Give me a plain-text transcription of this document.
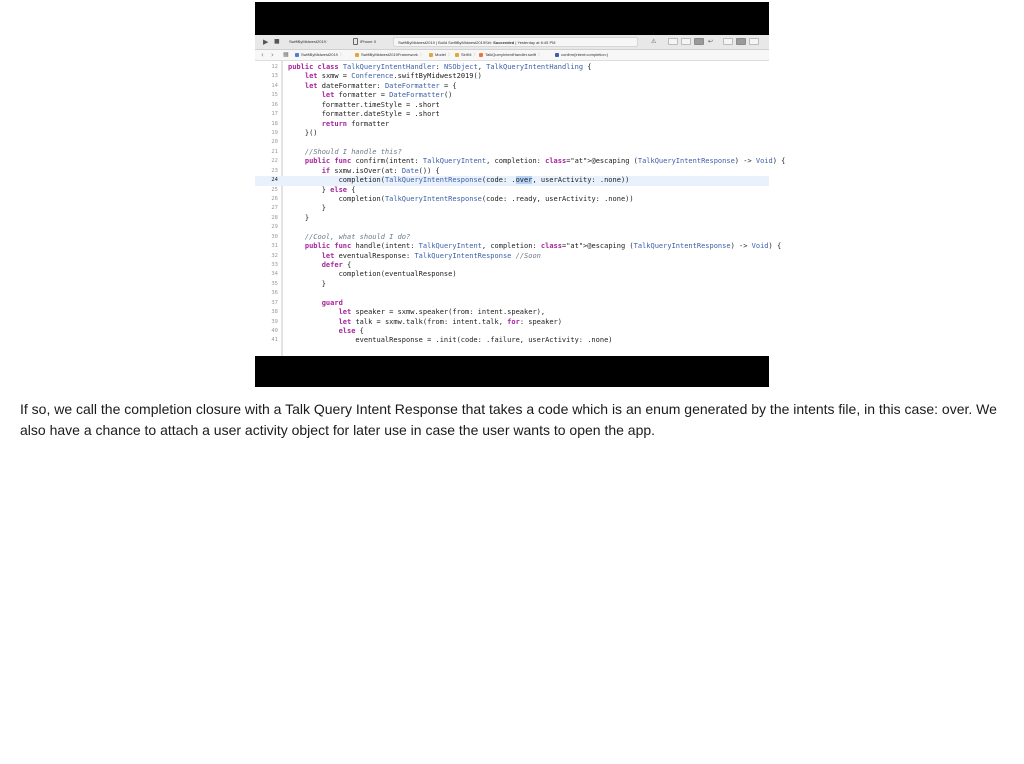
▶ ■ SwiftByMidwest2019〉	iPhone X	SwiftByMidwest2019 | Build SwiftByMidwest2019Siri: Succeeded | Yesterday at 6:45 PM	⚠	↩
‹ › ▦	SwiftByMidwest2019 〉	SwiftByMidwest2019Framework 〉	Model 〉	SiriKit 〉	TalkQueryIntentHandler.swift 〉	confirm(intent:completion:)
12 public class TalkQueryIntentHandler: NSObject, TalkQueryIntentHandling {
13	let sxmw = Conference.swiftByMidwest2019()
14	let dateFormatter: DateFormatter = {
15	let formatter = DateFormatter()
16 formatter.timeStyle = .short
17 formatter.dateStyle = .short
18	return formatter
19 }()
20
21	//Should I handle this?
22	public func confirm(intent: TalkQueryIntent, completion: class="at">@escaping (TalkQueryIntentResponse) -> Void) {
23	if sxmw.isOver(at: Date()) {
24 completion(TalkQueryIntentResponse(code: .over, userActivity: .none))
25 } else {
26 completion(TalkQueryIntentResponse(code: .ready, userActivity: .none))
27 }
28 }
29
30	//Cool, what should I do?
31	public func handle(intent: TalkQueryIntent, completion: class="at">@escaping (TalkQueryIntentResponse) -> Void) {
32	let eventualResponse: TalkQueryIntentResponse //Soon
33	defer {
34 completion(eventualResponse)
35 }
36
37	guard
38	let speaker = sxmw.speaker(from: intent.speaker),
39	let talk = sxmw.talk(from: intent.talk, for: speaker)
40	else {
41 eventualResponse = .init(code: .failure, userActivity: .none)
If so, we call the completion closure with a Talk Query Intent Response that takes a code which is an enum generated by the intents file, in this case: over. We also have a chance to attach a user activity object for later use in case the user wants to open the app.
